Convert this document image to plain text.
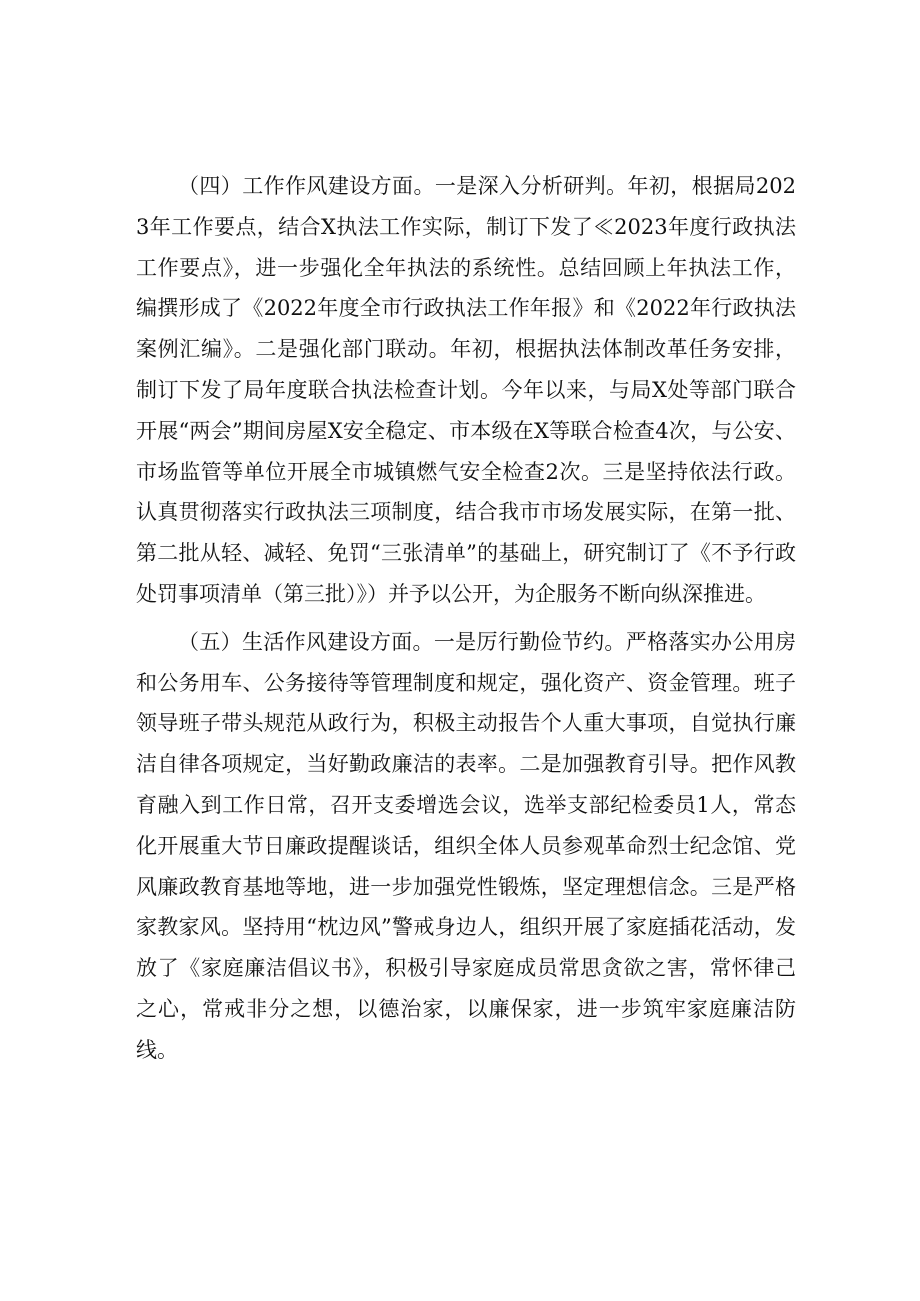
（四）工作作风建设方面。一是深入分析研判。年初，根据局2023年工作要点，结合X执法工作实际，制订下发了≪2023年度行政执法工作要点》，进一步强化全年执法的系统性。总结回顾上年执法工作，编撰形成了《2022年度全市行政执法工作年报》和《2022年行政执法案例汇编》。二是强化部门联动。年初，根据执法体制改革任务安排，制订下发了局年度联合执法检查计划。今年以来，与局X处等部门联合开展“两会”期间房屋X安全稳定、市本级在X等联合检查4次，与公安、市场监管等单位开展全市城镇燃气安全检查2次。三是坚持依法行政。认真贯彻落实行政执法三项制度，结合我市市场发展实际，在第一批、第二批从轻、减轻、免罚“三张清单”的基础上，研究制订了《不予行政处罚事项清单（第三批）》）并予以公开，为企服务不断向纵深推进。

（五）生活作风建设方面。一是厉行勤俭节约。严格落实办公用房和公务用车、公务接待等管理制度和规定，强化资产、资金管理。班子领导班子带头规范从政行为，积极主动报告个人重大事项，自觉执行廉洁自律各项规定，当好勤政廉洁的表率。二是加强教育引导。把作风教育融入到工作日常，召开支委增选会议，选举支部纪检委员1人，常态化开展重大节日廉政提醒谈话，组织全体人员参观革命烈士纪念馆、党风廉政教育基地等地，进一步加强党性锻炼，坚定理想信念。三是严格家教家风。坚持用“枕边风”警戒身边人，组织开展了家庭插花活动，发放了《家庭廉洁倡议书》，积极引导家庭成员常思贪欲之害，常怀律己之心，常戒非分之想，以德治家，以廉保家，进一步筑牢家庭廉洁防线。
